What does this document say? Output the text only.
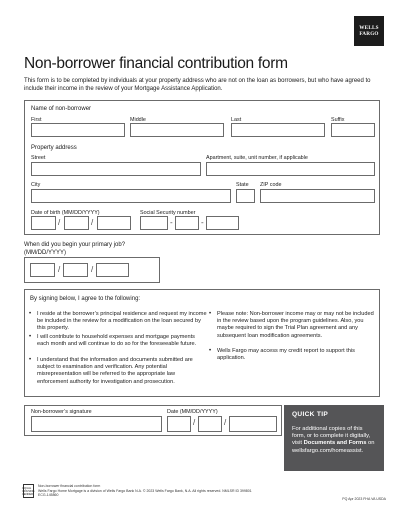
WELLS
FARGO
Non-borrower financial contribution form
This form is to be completed by individuals at your property address who are not on the loan as borrowers, but who have agreed to include their income in the review of your Mortgage Assistance Application.
Name of non-borrower
First	Middle	Last	Suffix
Property address
Street	Apartment, suite, unit number, if applicable
City	State ZIP code
Date of birth (MM/DD/YYYY)	Social Security number
/	/	-	-
When did you begin your primary job?
(MM/DD/YYYY)
/	/
By signing below, I agree to the following:
• I reside at the borrower’s principal residence and request my income be included in the review for a modification on the loan secured by this property.
• I will contribute to household expenses and mortgage payments each month and will continue to do so for the foreseeable future.
• I understand that the information and documents submitted are subject to examination and verification. Any potential misrepresentation will be referred to the appropriate law enforcement authority for investigation and prosecution.
• Please note: Non-borrower income may or may not be included in the review based upon the program guidelines. Also, you maybe required to sign the Trial Plan agreement and any subsequent loan modification agreements.
• Wells Fargo may access my credit report to support this application.
Non-borrower’s signature	Date (MM/DD/YYYY)
/	/
QUICK TIP
For additional copies of this form, or to complete it digitally, visit Documents and Forms on wellsfargo.com/homeassist.
EQUAL HOUSING LENDER
Non-borrower financial contribution form
Wells Fargo Home Mortgage is a division of Wells Fargo Bank N.A. © 2023 Wells Fargo Bank, N.A. All rights reserved. NMLSR ID 399801
ECG-145860
PQ Apr 2023 FHA VA USDA
